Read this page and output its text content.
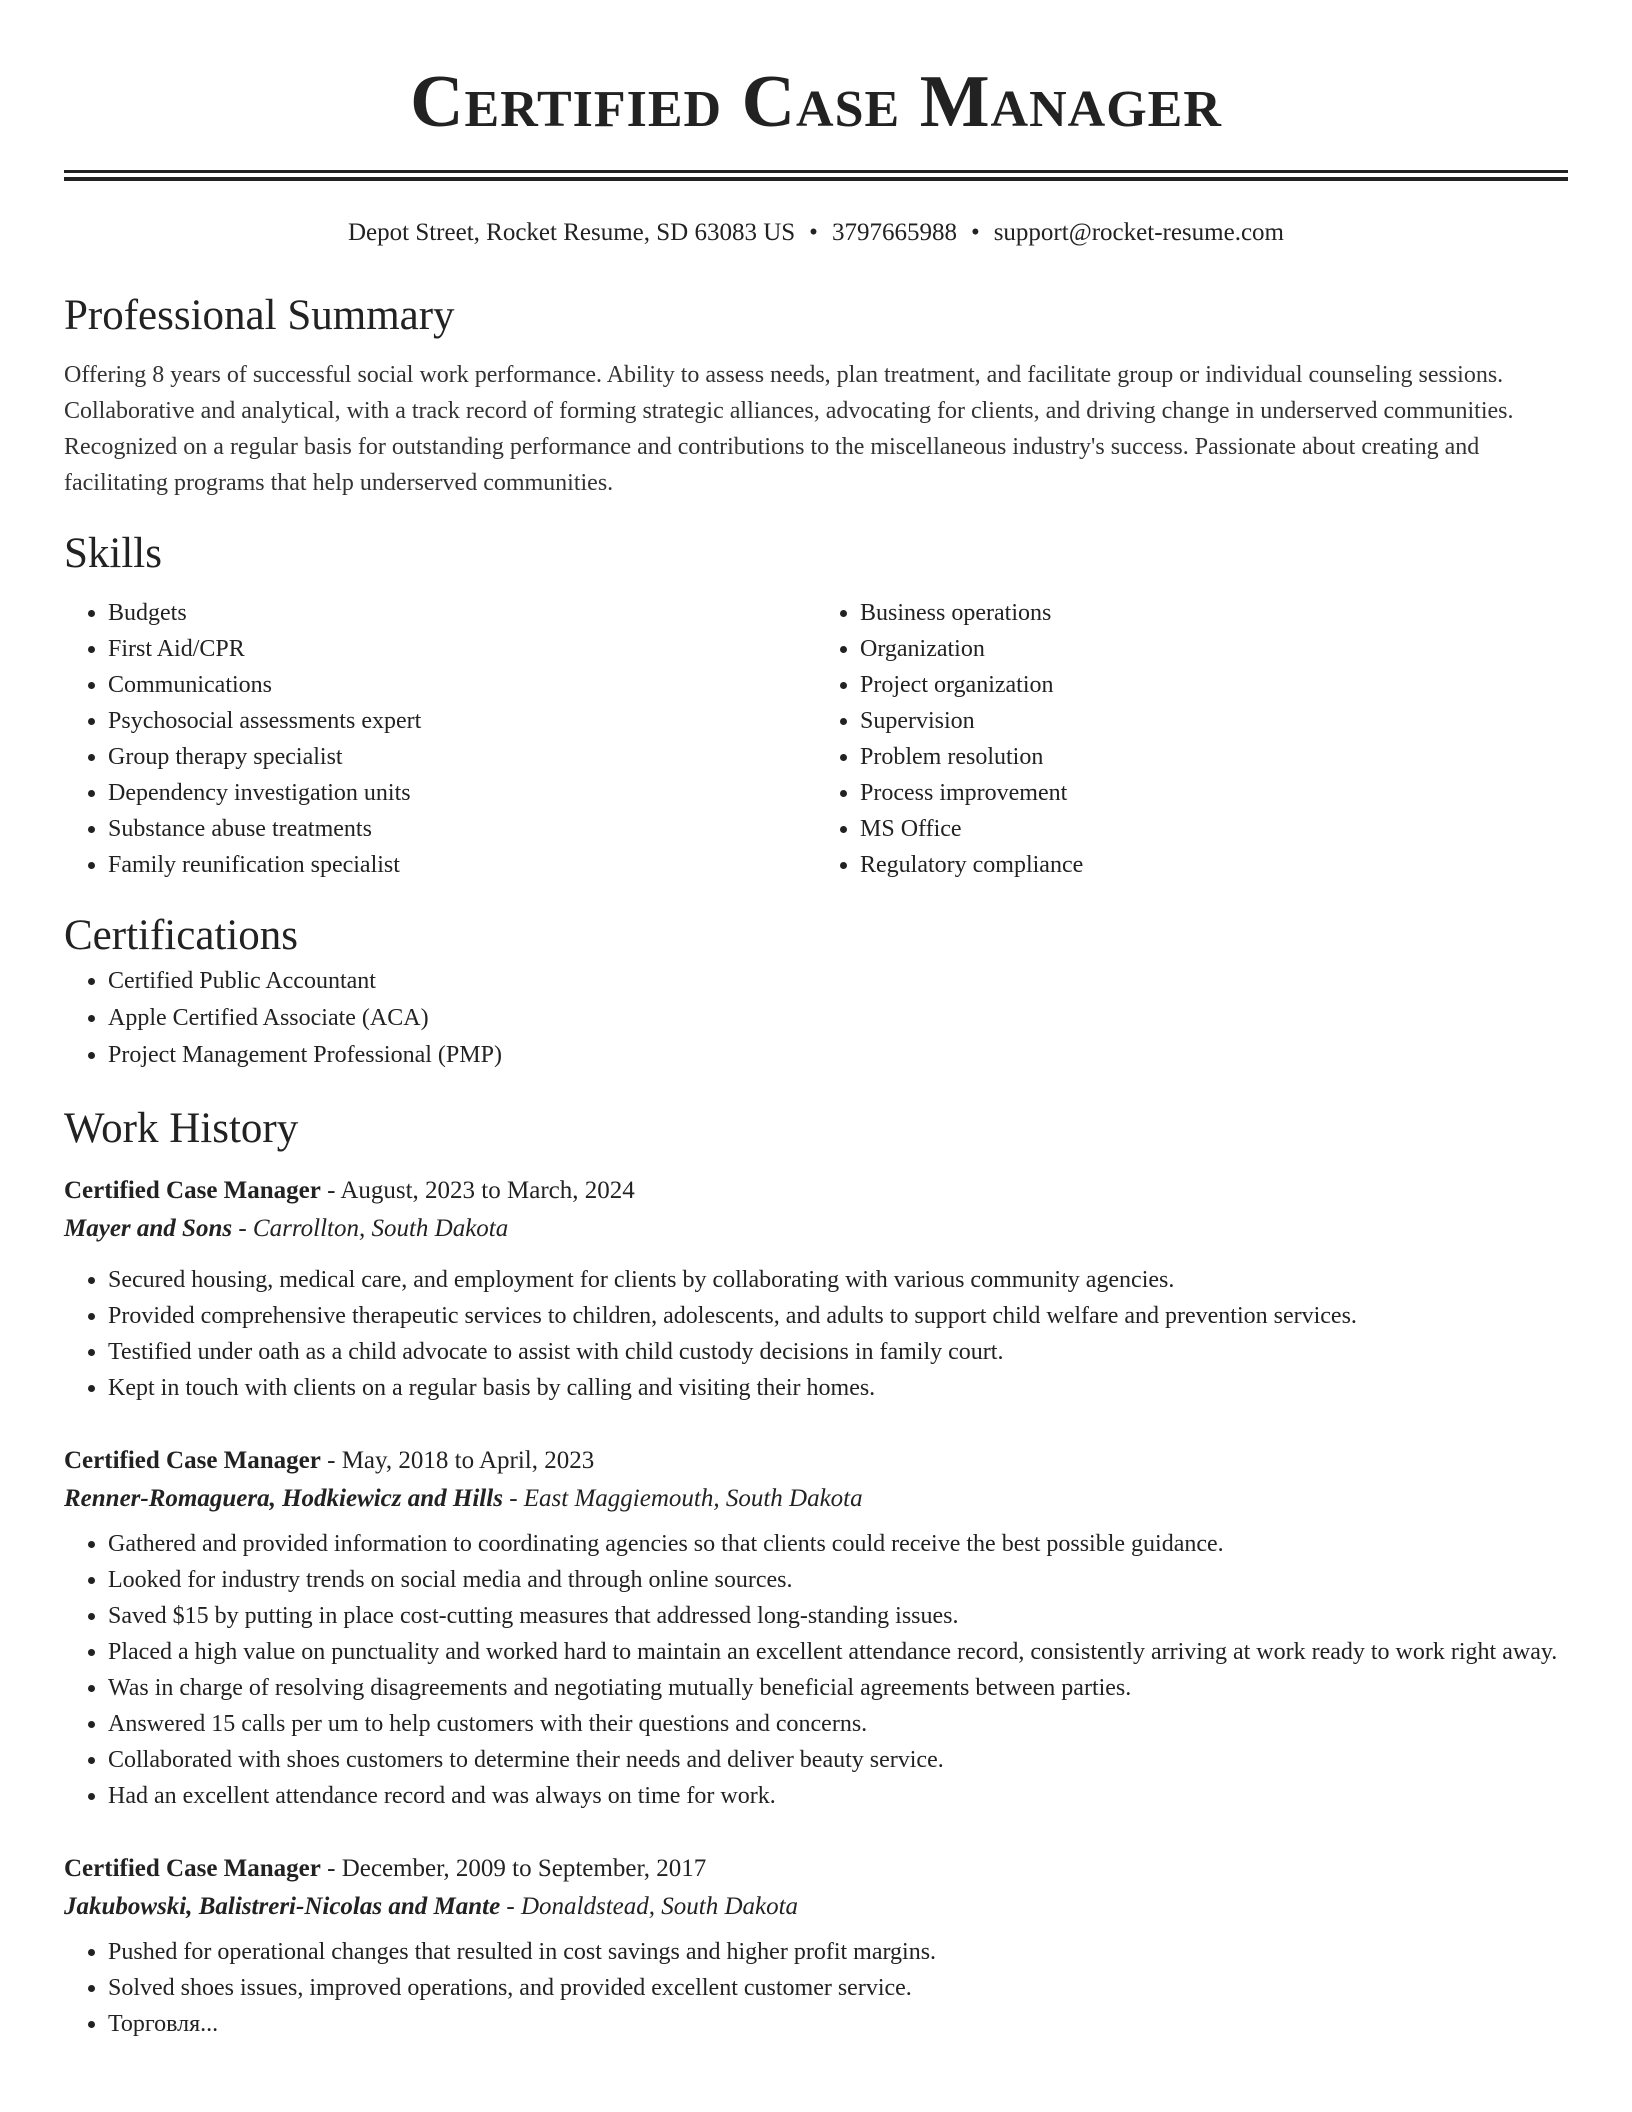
Certified Case Manager
Depot Street, Rocket Resume, SD 63083 US • 3797665988 • support@rocket-resume.com
Professional Summary

Offering 8 years of successful social work performance. Ability to assess needs, plan treatment, and facilitate group or individual counseling sessions. Collaborative and analytical, with a track record of forming strategic alliances, advocating for clients, and driving change in underserved communities. Recognized on a regular basis for outstanding performance and contributions to the miscellaneous industry's success. Passionate about creating and facilitating programs that help underserved communities.

Skills
• Budgets
• First Aid/CPR
• Communications
• Psychosocial assessments expert
• Group therapy specialist
• Dependency investigation units
• Substance abuse treatments
• Family reunification specialist
• Business operations
• Organization
• Project organization
• Supervision
• Problem resolution
• Process improvement
• MS Office
• Regulatory compliance
Certifications
• Certified Public Accountant
• Apple Certified Associate (ACA)
• Project Management Professional (PMP)
Work History
Certified Case Manager - August, 2023 to March, 2024
Mayer and Sons - Carrollton, South Dakota
• Secured housing, medical care, and employment for clients by collaborating with various community agencies.
• Provided comprehensive therapeutic services to children, adolescents, and adults to support child welfare and prevention services.
• Testified under oath as a child advocate to assist with child custody decisions in family court.
• Kept in touch with clients on a regular basis by calling and visiting their homes.
Certified Case Manager - May, 2018 to April, 2023
Renner-Romaguera, Hodkiewicz and Hills - East Maggiemouth, South Dakota
• Gathered and provided information to coordinating agencies so that clients could receive the best possible guidance.
• Looked for industry trends on social media and through online sources.
• Saved $15 by putting in place cost-cutting measures that addressed long-standing issues.
• Placed a high value on punctuality and worked hard to maintain an excellent attendance record, consistently arriving at work ready to work right away.
• Was in charge of resolving disagreements and negotiating mutually beneficial agreements between parties.
• Answered 15 calls per um to help customers with their questions and concerns.
• Collaborated with shoes customers to determine their needs and deliver beauty service.
• Had an excellent attendance record and was always on time for work.
Certified Case Manager - December, 2009 to September, 2017
Jakubowski, Balistreri-Nicolas and Mante - Donaldstead, South Dakota
• Pushed for operational changes that resulted in cost savings and higher profit margins.
• Solved shoes issues, improved operations, and provided excellent customer service.
• Торговля...
